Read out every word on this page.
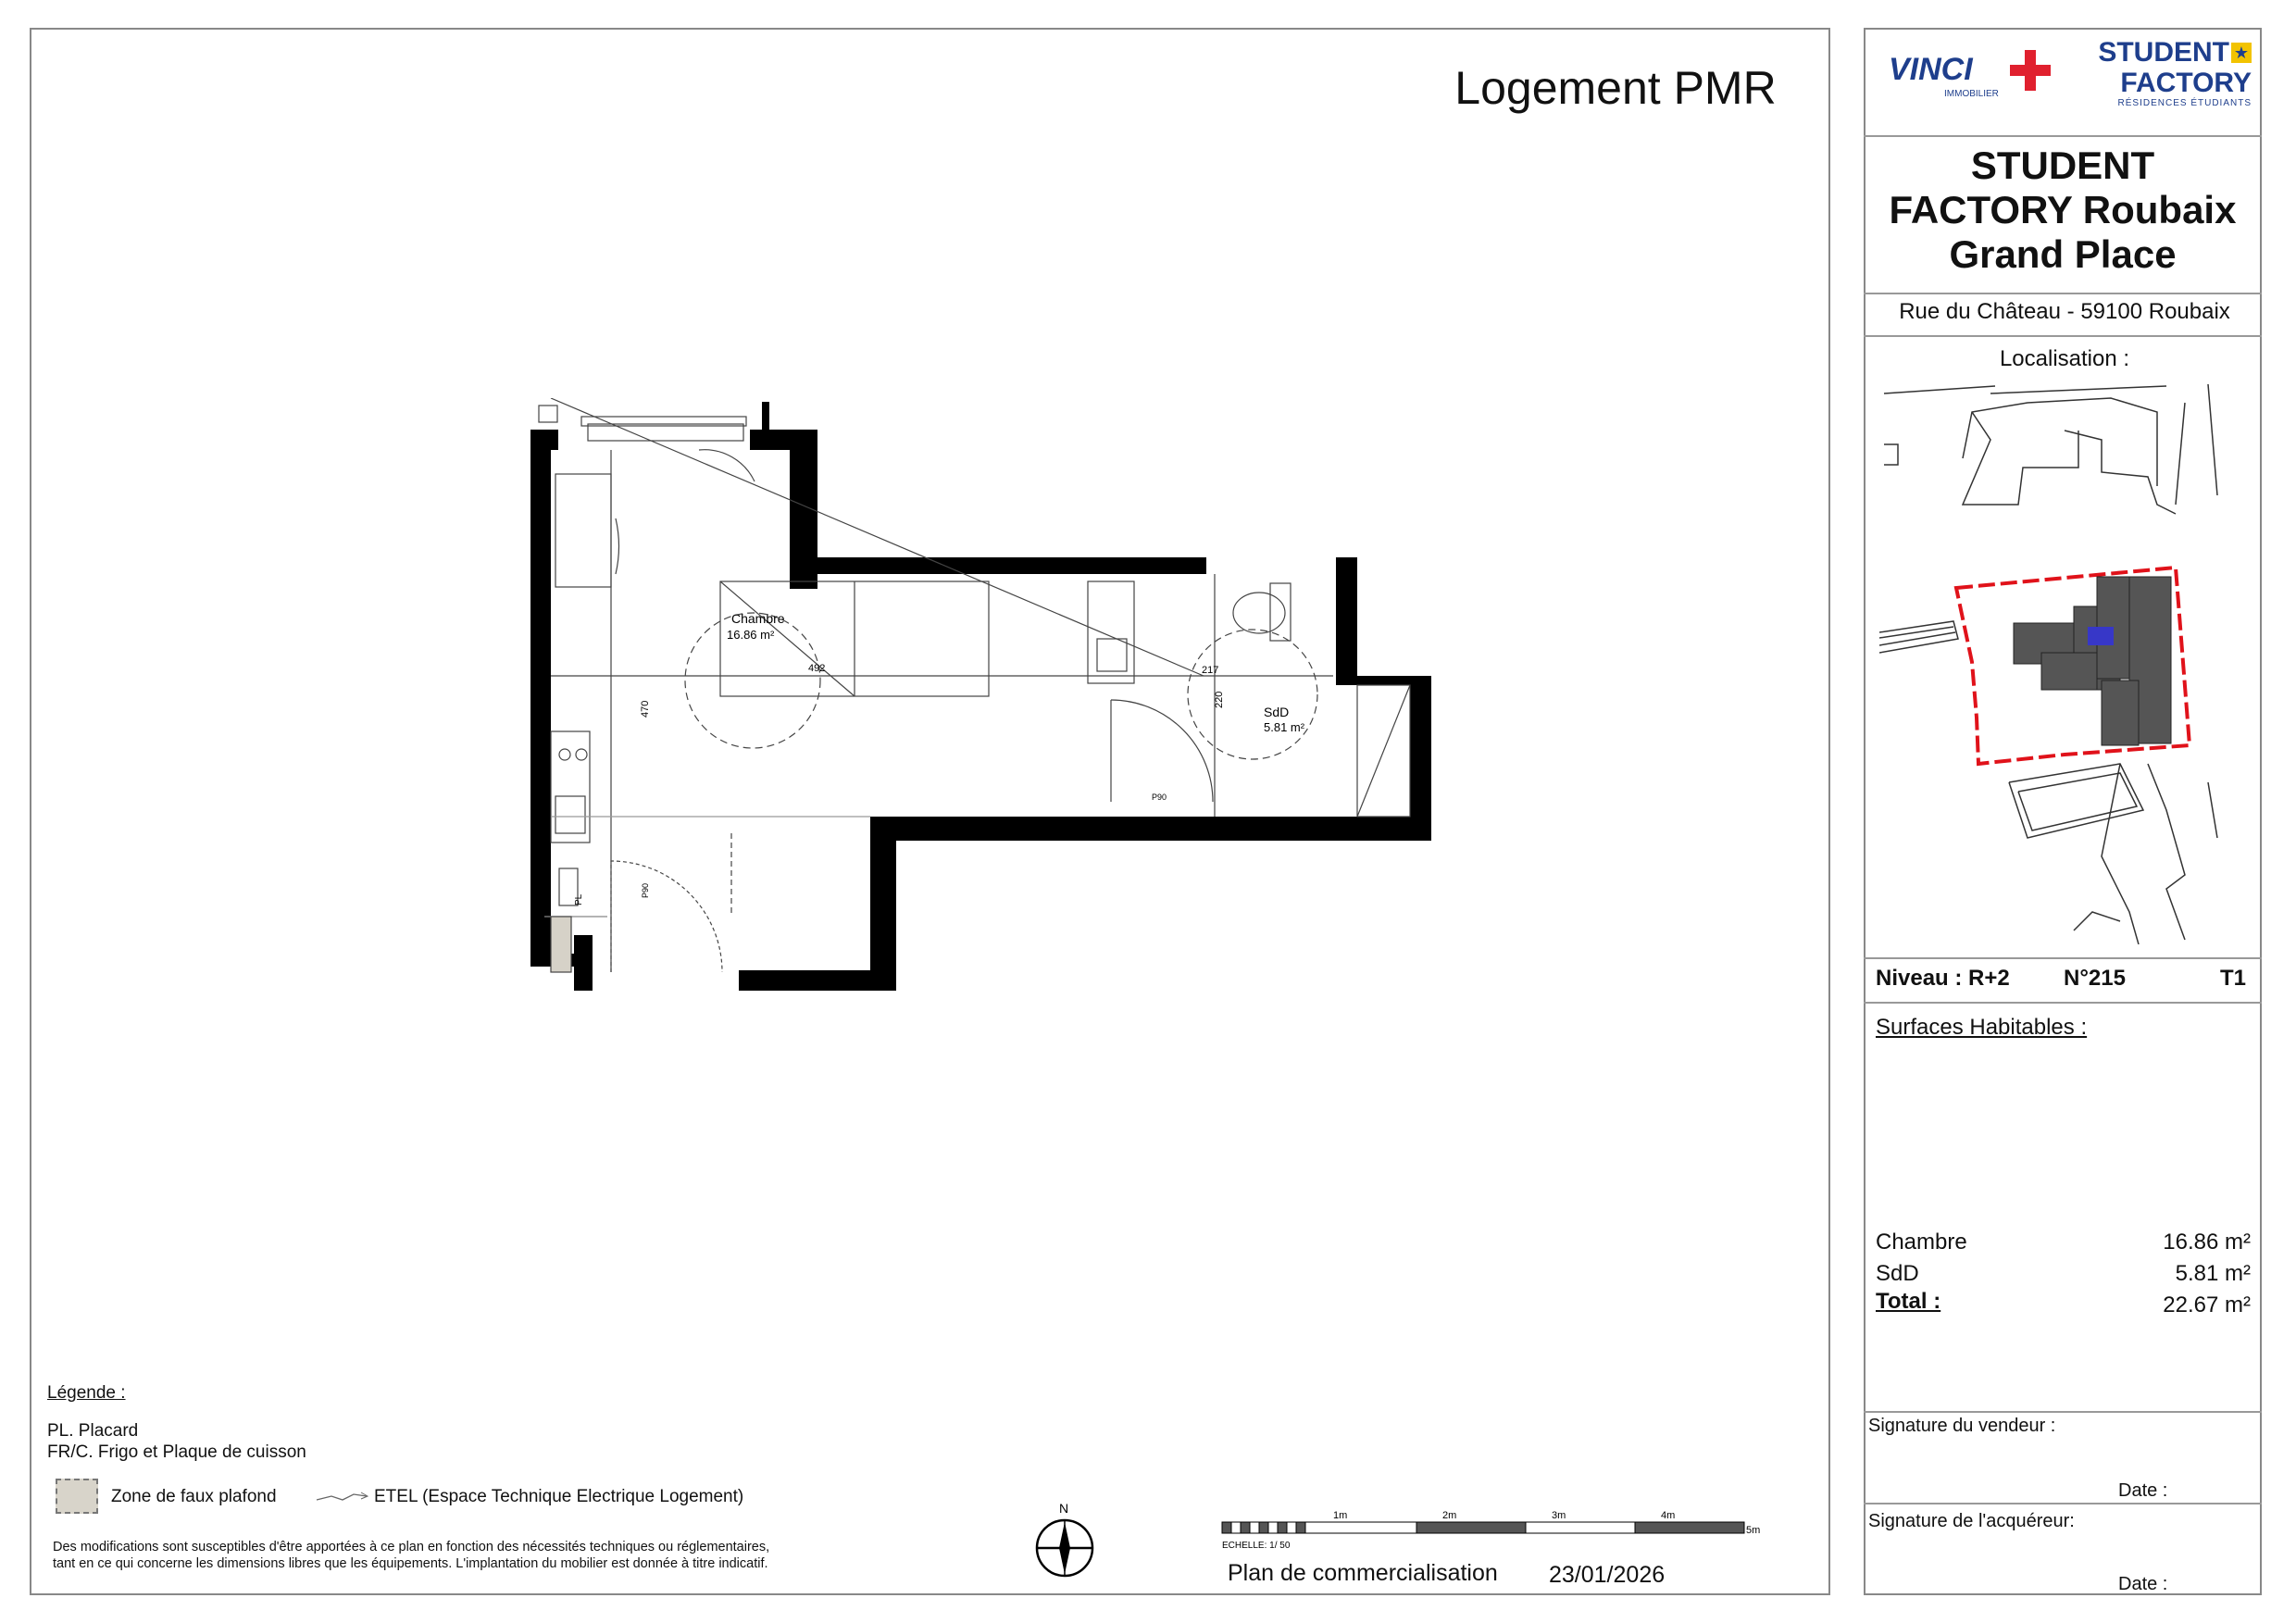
Logement PMR	VINCI
IMMOBILIER
STUDENT
FACTORY
RÉSIDENCES ÉTUDIANTS
★
STUDENT
FACTORY Roubaix
Grand Place
Rue du Château - 59100 Roubaix
Localisation :
Niveau : R+2 N°215	T1
Surfaces Habitables :
Chambre	16.86 m²
SdD	5.81 m²
Total :	22.67 m²
Signature du vendeur :
Date :
Signature de l'acquéreur:
Date :
Chambre
16.86 m²
SdD
5.81 m²
492	217
220
470
P90
P90
PL
Légende :
PL. Placard
FR/C. Frigo et Plaque de cuisson
Zone de faux plafond	ETEL (Espace Technique Electrique Logement)
Des modifications sont susceptibles d'être apportées à ce plan en fonction des nécessités techniques ou réglementaires,
tant en ce qui concerne les dimensions libres que les équipements. L'implantation du mobilier est donnée à titre indicatif.
N	1m	2m	3m	4m
5m
ECHELLE: 1/ 50
Plan de commercialisation 23/01/2026
